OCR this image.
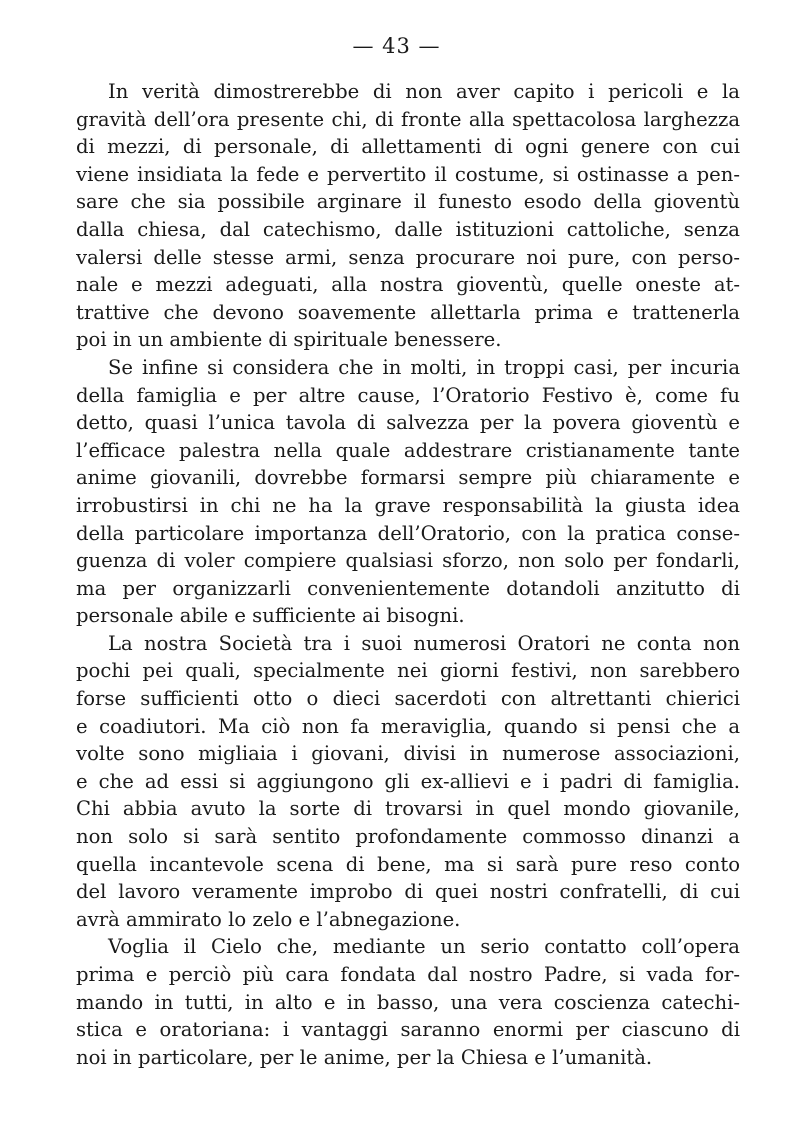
— 43 —
In verità dimostrerebbe di non aver capito i pericoli e la
gravità dell’ora presente chi, di fronte alla spettacolosa larghezza
di mezzi, di personale, di allettamenti di ogni genere con cui
viene insidiata la fede e pervertito il costume, si ostinasse a pen-
sare che sia possibile arginare il funesto esodo della gioventù
dalla chiesa, dal catechismo, dalle istituzioni cattoliche, senza
valersi delle stesse armi, senza procurare noi pure, con perso-
nale e mezzi adeguati, alla nostra gioventù, quelle oneste at-
trattive che devono soavemente allettarla prima e trattenerla
poi in un ambiente di spirituale benessere.
Se infine si considera che in molti, in troppi casi, per incuria
della famiglia e per altre cause, l’Oratorio Festivo è, come fu
detto, quasi l’unica tavola di salvezza per la povera gioventù e
l’efficace palestra nella quale addestrare cristianamente tante
anime giovanili, dovrebbe formarsi sempre più chiaramente e
irrobustirsi in chi ne ha la grave responsabilità la giusta idea
della particolare importanza dell’Oratorio, con la pratica conse-
guenza di voler compiere qualsiasi sforzo, non solo per fondarli,
ma per organizzarli convenientemente dotandoli anzitutto di
personale abile e sufficiente ai bisogni.
La nostra Società tra i suoi numerosi Oratori ne conta non
pochi pei quali, specialmente nei giorni festivi, non sarebbero
forse sufficienti otto o dieci sacerdoti con altrettanti chierici
e coadiutori. Ma ciò non fa meraviglia, quando si pensi che a
volte sono migliaia i giovani, divisi in numerose associazioni,
e che ad essi si aggiungono gli ex-allievi e i padri di famiglia.
Chi abbia avuto la sorte di trovarsi in quel mondo giovanile,
non solo si sarà sentito profondamente commosso dinanzi a
quella incantevole scena di bene, ma si sarà pure reso conto
del lavoro veramente improbo di quei nostri confratelli, di cui
avrà ammirato lo zelo e l’abnegazione.
Voglia il Cielo che, mediante un serio contatto coll’opera
prima e perciò più cara fondata dal nostro Padre, si vada for-
mando in tutti, in alto e in basso, una vera coscienza catechi-
stica e oratoriana: i vantaggi saranno enormi per ciascuno di
noi in particolare, per le anime, per la Chiesa e l’umanità.
